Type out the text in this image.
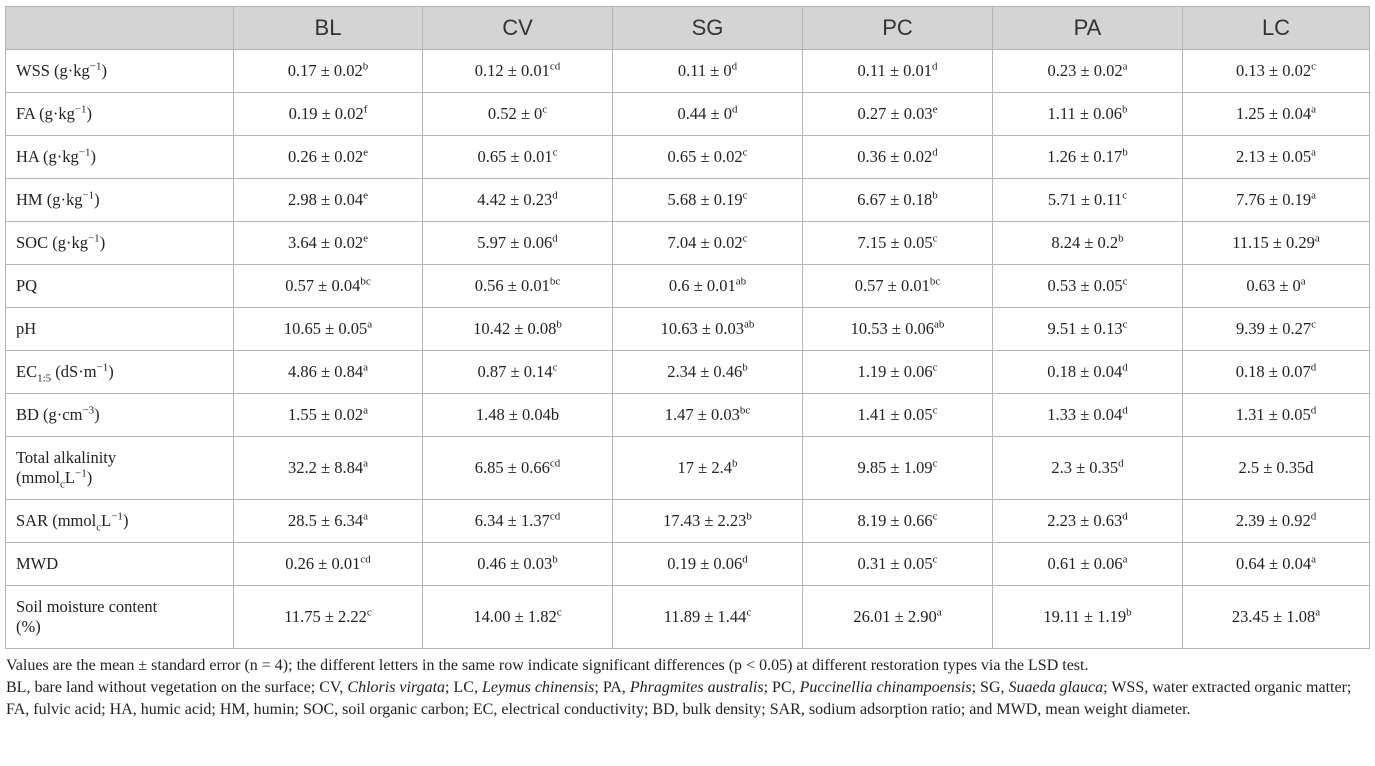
	BL	CV	SG	PC	PA	LC
WSS $(g\cdot kg^{-1})$	0.17 ± 0.02$^b$	0.12 ± 0.01$^{cd}$	$0.11 \pm 0^d$	0.11 ± 0.01$^d$	0.23 ± 0.02$^a$	0.13 ± 0.02$^c$
FA $(g\cdot kg^{-1})$	0.19 ± 0.02$^f$	$0.52 \pm 0^c$	$0.44 \pm 0^d$	0.27 ± 0.03$^e$	1.11 ± 0.06$^b$	1.25 ± 0.04$^a$
HA $(g\cdot kg^{-1})$	0.26 ± 0.02$^e$	0.65 ± 0.01$^c$	0.65 ± 0.02$^c$	0.36 ± 0.02$^d$	1.26 ± 0.17$^b$	2.13 ± 0.05$^a$
HM $(g\cdot kg^{-1})$	2.98 ± 0.04$^e$	4.42 ± 0.23$^d$	5.68 ± 0.19$^c$	6.67 ± 0.18$^b$	5.71 ± 0.11$^c$	7.76 ± 0.19$^a$
SOC $(g\cdot kg^{-1})$	3.64 ± 0.02$^e$	5.97 ± 0.06$^d$	7.04 ± 0.02$^c$	7.15 ± 0.05$^c$	8.24 ± 0.2$^b$	11.15 ± 0.29$^a$
PQ	0.57 ± 0.04$^{bc}$	0.56 ± 0.01$^{bc}$	0.6 ± 0.01$^{ab}$	0.57 ± 0.01$^{bc}$	0.53 ± 0.05$^c$	$0.63 \pm 0^a$
pH	10.65 ± 0.05$^a$	10.42 ± 0.08$^b$	10.63 ± 0.03$^{ab}$	10.53 ± 0.06$^{ab}$	9.51 ± 0.13$^c$	9.39 ± 0.27$^c$
$EC_{1:5}$ $(dS\cdot m^{-1})$	4.86 ± 0.84$^a$	0.87 ± 0.14$^c$	2.34 ± 0.46$^b$	1.19 ± 0.06$^c$	0.18 ± 0.04$^d$	0.18 ± 0.07$^d$
BD $(g\cdot cm^{-3})$	1.55 ± 0.02$^a$	1.48 ± 0.04b	1.47 ± 0.03$^{bc}$	1.41 ± 0.05$^c$	1.33 ± 0.04$^d$	1.31 ± 0.05$^d$
Total alkalinity
$(mmol_cL^{-1})$	32.2 ± 8.84$^a$	6.85 ± 0.66$^{cd}$	17 ± 2.4$^b$	9.85 ± 1.09$^c$	2.3 ± 0.35$^d$	2.5 ± 0.35d
SAR $(mmol_cL^{-1})$	28.5 ± 6.34$^a$	6.34 ± 1.37$^{cd}$	17.43 ± 2.23$^b$	8.19 ± 0.66$^c$	2.23 ± 0.63$^d$	2.39 ± 0.92$^d$
MWD	0.26 ± 0.01$^{cd}$	0.46 ± 0.03$^b$	0.19 ± 0.06$^d$	0.31 ± 0.05$^c$	0.61 ± 0.06$^a$	0.64 ± 0.04$^a$
Soil moisture content
(%)	11.75 ± 2.22$^c$	14.00 ± 1.82$^c$	11.89 ± 1.44$^c$	26.01 ± 2.90$^a$	19.11 ± 1.19$^b$	23.45 ± 1.08$^a$

Values are the mean ± standard error (n = 4); the different letters in the same row indicate significant differences (p < 0.05) at different restoration types via the LSD test.

BL, bare land without vegetation on the surface; CV, Chloris virgata; LC, Leymus chinensis; PA, Phragmites australis; PC, Puccinellia chinampoensis; SG, Suaeda glauca; WSS, water extracted organic matter; FA, fulvic acid; HA, humic acid; HM, humin; SOC, soil organic carbon; EC, electrical conductivity; BD, bulk density; SAR, sodium adsorption ratio; and MWD, mean weight diameter.
